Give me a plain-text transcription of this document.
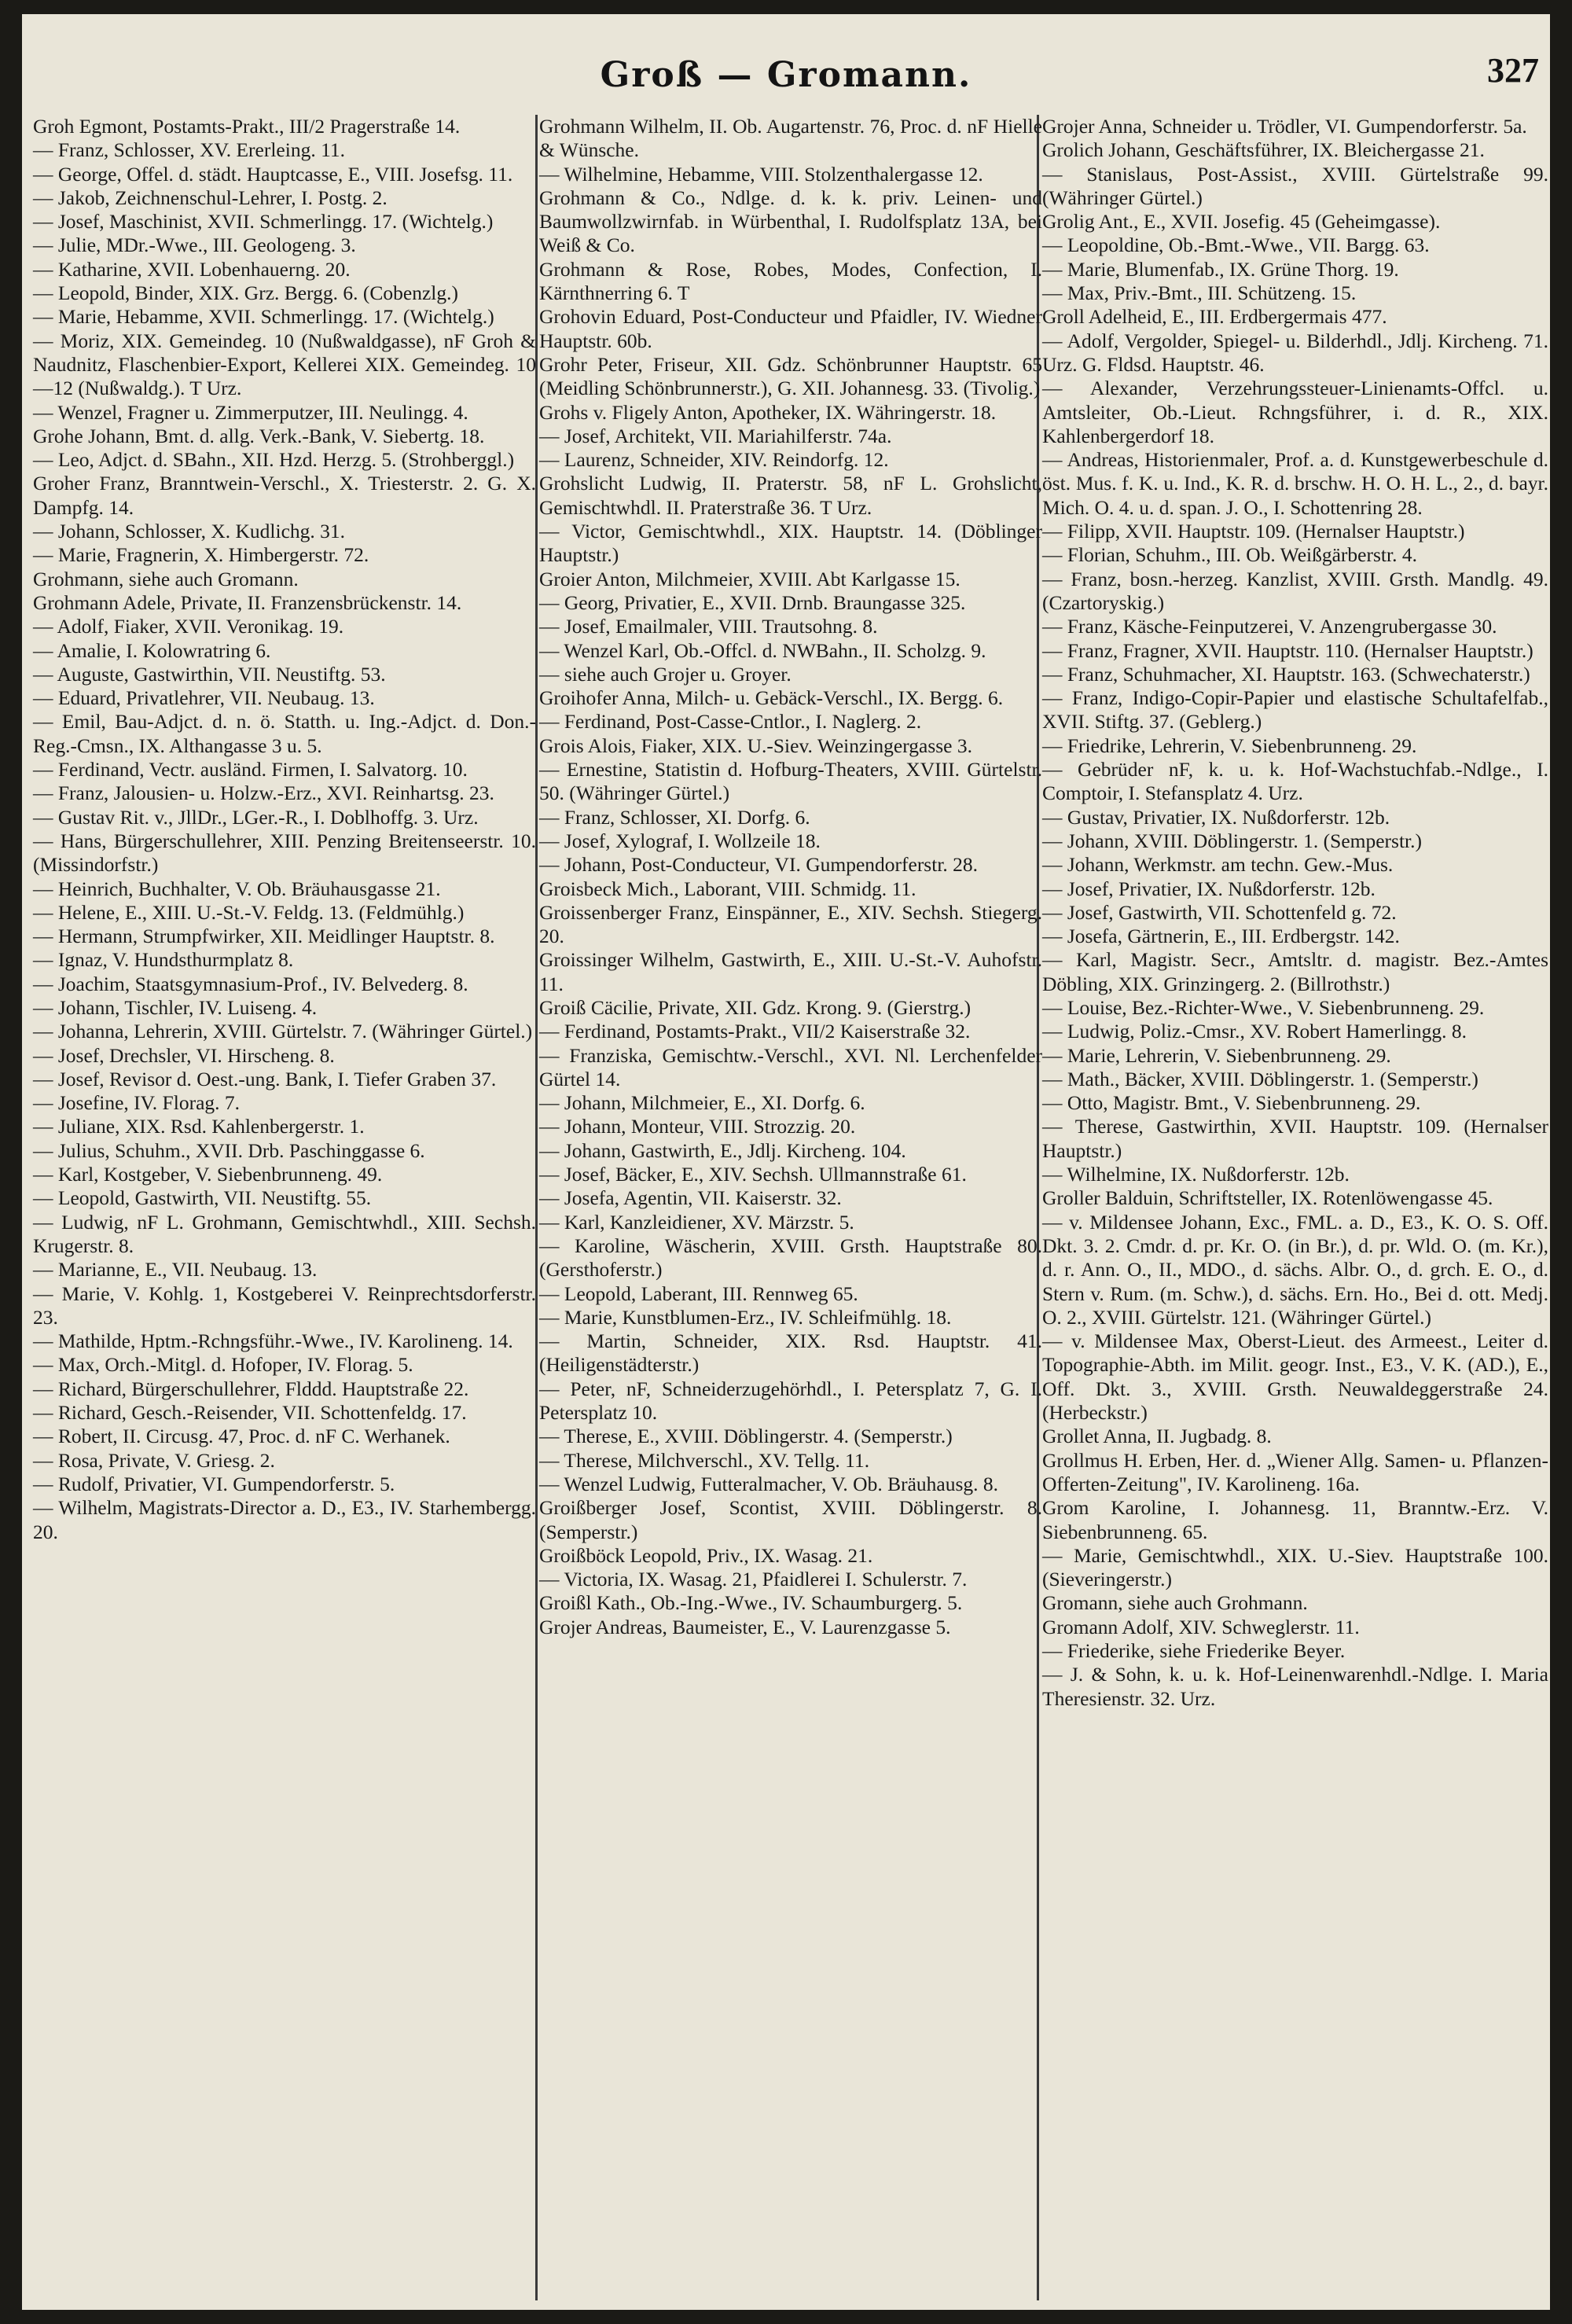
Groß — Gromann.	327

Groh Egmont, Postamts-Prakt., III/2 Pragerstraße 14.

— Franz, Schlosser, XV. Ererleing. 11.

— George, Offel. d. städt. Hauptcasse, E., VIII. Josefsg. 11.

— Jakob, Zeichnenschul-Lehrer, I. Postg. 2.

— Josef, Maschinist, XVII. Schmerlingg. 17. (Wichtelg.)

— Julie, MDr.-Wwe., III. Geologeng. 3.

— Katharine, XVII. Lobenhauerng. 20.

— Leopold, Binder, XIX. Grz. Bergg. 6. (Cobenzlg.)

— Marie, Hebamme, XVII. Schmerlingg. 17. (Wichtelg.)

— Moriz, XIX. Gemeindeg. 10 (Nußwaldgasse), nF Groh & Naudnitz, Flaschenbier-Export, Kellerei XIX. Gemeindeg. 10—12 (Nußwaldg.). T Urz.

— Wenzel, Fragner u. Zimmerputzer, III. Neulingg. 4.

Grohe Johann, Bmt. d. allg. Verk.-Bank, V. Siebertg. 18.

— Leo, Adjct. d. SBahn., XII. Hzd. Herzg. 5. (Strohberggl.)

Groher Franz, Branntwein-Verschl., X. Triesterstr. 2. G. X. Dampfg. 14.

— Johann, Schlosser, X. Kudlichg. 31.

— Marie, Fragnerin, X. Himbergerstr. 72.

Grohmann, siehe auch Gromann.

Grohmann Adele, Private, II. Franzensbrückenstr. 14.

— Adolf, Fiaker, XVII. Veronikag. 19.

— Amalie, I. Kolowratring 6.

— Auguste, Gastwirthin, VII. Neustiftg. 53.

— Eduard, Privatlehrer, VII. Neubaug. 13.

— Emil, Bau-Adjct. d. n. ö. Statth. u. Ing.-Adjct. d. Don.-Reg.-Cmsn., IX. Althangasse 3 u. 5.

— Ferdinand, Vectr. ausländ. Firmen, I. Salvatorg. 10.

— Franz, Jalousien- u. Holzw.-Erz., XVI. Reinhartsg. 23.

— Gustav Rit. v., JllDr., LGer.-R., I. Doblhoffg. 3. Urz.

— Hans, Bürgerschullehrer, XIII. Penzing Breitenseerstr. 10. (Missindorfstr.)

— Heinrich, Buchhalter, V. Ob. Bräuhausgasse 21.

— Helene, E., XIII. U.-St.-V. Feldg. 13. (Feldmühlg.)

— Hermann, Strumpfwirker, XII. Meidlinger Hauptstr. 8.

— Ignaz, V. Hundsthurmplatz 8.

— Joachim, Staatsgymnasium-Prof., IV. Belvederg. 8.

— Johann, Tischler, IV. Luiseng. 4.

— Johanna, Lehrerin, XVIII. Gürtelstr. 7. (Währinger Gürtel.)

— Josef, Drechsler, VI. Hirscheng. 8.

— Josef, Revisor d. Oest.-ung. Bank, I. Tiefer Graben 37.

— Josefine, IV. Florag. 7.

— Juliane, XIX. Rsd. Kahlenbergerstr. 1.

— Julius, Schuhm., XVII. Drb. Paschinggasse 6.

— Karl, Kostgeber, V. Siebenbrunneng. 49.

— Leopold, Gastwirth, VII. Neustiftg. 55.

— Ludwig, nF L. Grohmann, Gemischtwhdl., XIII. Sechsh. Krugerstr. 8.

— Marianne, E., VII. Neubaug. 13.

— Marie, V. Kohlg. 1, Kostgeberei V. Reinprechtsdorferstr. 23.

— Mathilde, Hptm.-Rchngsführ.-Wwe., IV. Karolineng. 14.

— Max, Orch.-Mitgl. d. Hofoper, IV. Florag. 5.

— Richard, Bürgerschullehrer, Flddd. Hauptstraße 22.

— Richard, Gesch.-Reisender, VII. Schottenfeldg. 17.

— Robert, II. Circusg. 47, Proc. d. nF C. Werhanek.

— Rosa, Private, V. Griesg. 2.

— Rudolf, Privatier, VI. Gumpendorferstr. 5.

— Wilhelm, Magistrats-Director a. D., E3., IV. Starhembergg. 20.

Grohmann Wilhelm, II. Ob. Augartenstr. 76, Proc. d. nF Hielle & Wünsche.

— Wilhelmine, Hebamme, VIII. Stolzenthalergasse 12.

Grohmann & Co., Ndlge. d. k. k. priv. Leinen- und Baumwollzwirnfab. in Würbenthal, I. Rudolfsplatz 13A, bei Weiß & Co.

Grohmann & Rose, Robes, Modes, Confection, I. Kärnthnerring 6. T

Grohovin Eduard, Post-Conducteur und Pfaidler, IV. Wiedner Hauptstr. 60b.

Grohr Peter, Friseur, XII. Gdz. Schönbrunner Hauptstr. 65 (Meidling Schönbrunnerstr.), G. XII. Johannesg. 33. (Tivolig.)

Grohs v. Fligely Anton, Apotheker, IX. Währingerstr. 18.

— Josef, Architekt, VII. Mariahilferstr. 74a.

— Laurenz, Schneider, XIV. Reindorfg. 12.

Grohslicht Ludwig, II. Praterstr. 58, nF L. Grohslicht, Gemischtwhdl. II. Praterstraße 36. T Urz.

— Victor, Gemischtwhdl., XIX. Hauptstr. 14. (Döblinger Hauptstr.)

Groier Anton, Milchmeier, XVIII. Abt Karlgasse 15.

— Georg, Privatier, E., XVII. Drnb. Braungasse 325.

— Josef, Emailmaler, VIII. Trautsohng. 8.

— Wenzel Karl, Ob.-Offcl. d. NWBahn., II. Scholzg. 9.

— siehe auch Grojer u. Groyer.

Groihofer Anna, Milch- u. Gebäck-Verschl., IX. Bergg. 6.

— Ferdinand, Post-Casse-Cntlor., I. Naglerg. 2.

Grois Alois, Fiaker, XIX. U.-Siev. Weinzingergasse 3.

— Ernestine, Statistin d. Hofburg-Theaters, XVIII. Gürtelstr. 50. (Währinger Gürtel.)

— Franz, Schlosser, XI. Dorfg. 6.

— Josef, Xylograf, I. Wollzeile 18.

— Johann, Post-Conducteur, VI. Gumpendorferstr. 28.

Groisbeck Mich., Laborant, VIII. Schmidg. 11.

Groissenberger Franz, Einspänner, E., XIV. Sechsh. Stiegerg. 20.

Groissinger Wilhelm, Gastwirth, E., XIII. U.-St.-V. Auhofstr. 11.

Groiß Cäcilie, Private, XII. Gdz. Krong. 9. (Gierstrg.)

— Ferdinand, Postamts-Prakt., VII/2 Kaiserstraße 32.

— Franziska, Gemischtw.-Verschl., XVI. Nl. Lerchenfelder Gürtel 14.

— Johann, Milchmeier, E., XI. Dorfg. 6.

— Johann, Monteur, VIII. Strozzig. 20.

— Johann, Gastwirth, E., Jdlj. Kircheng. 104.

— Josef, Bäcker, E., XIV. Sechsh. Ullmannstraße 61.

— Josefa, Agentin, VII. Kaiserstr. 32.

— Karl, Kanzleidiener, XV. Märzstr. 5.

— Karoline, Wäscherin, XVIII. Grsth. Hauptstraße 80. (Gersthoferstr.)

— Leopold, Laberant, III. Rennweg 65.

— Marie, Kunstblumen-Erz., IV. Schleifmühlg. 18.

— Martin, Schneider, XIX. Rsd. Hauptstr. 41. (Heiligenstädterstr.)

— Peter, nF, Schneiderzugehörhdl., I. Petersplatz 7, G. I. Petersplatz 10.

— Therese, E., XVIII. Döblingerstr. 4. (Semperstr.)

— Therese, Milchverschl., XV. Tellg. 11.

— Wenzel Ludwig, Futteralmacher, V. Ob. Bräuhausg. 8.

Groißberger Josef, Scontist, XVIII. Döblingerstr. 8. (Semperstr.)

Groißböck Leopold, Priv., IX. Wasag. 21.

— Victoria, IX. Wasag. 21, Pfaidlerei I. Schulerstr. 7.

Groißl Kath., Ob.-Ing.-Wwe., IV. Schaumburgerg. 5.

Grojer Andreas, Baumeister, E., V. Laurenzgasse 5.

Grojer Anna, Schneider u. Trödler, VI. Gumpendorferstr. 5a.

Grolich Johann, Geschäftsführer, IX. Bleichergasse 21.

— Stanislaus, Post-Assist., XVIII. Gürtelstraße 99. (Währinger Gürtel.)

Grolig Ant., E., XVII. Josefig. 45 (Geheimgasse).

— Leopoldine, Ob.-Bmt.-Wwe., VII. Bargg. 63.

— Marie, Blumenfab., IX. Grüne Thorg. 19.

— Max, Priv.-Bmt., III. Schützeng. 15.

Groll Adelheid, E., III. Erdbergermais 477.

— Adolf, Vergolder, Spiegel- u. Bilderhdl., Jdlj. Kircheng. 71. Urz. G. Fldsd. Hauptstr. 46.

— Alexander, Verzehrungssteuer-Linienamts-Offcl. u. Amtsleiter, Ob.-Lieut. Rchngsführer, i. d. R., XIX. Kahlenbergerdorf 18.

— Andreas, Historienmaler, Prof. a. d. Kunstgewerbeschule d. öst. Mus. f. K. u. Ind., K. R. d. brschw. H. O. H. L., 2., d. bayr. Mich. O. 4. u. d. span. J. O., I. Schottenring 28.

— Filipp, XVII. Hauptstr. 109. (Hernalser Hauptstr.)

— Florian, Schuhm., III. Ob. Weißgärberstr. 4.

— Franz, bosn.-herzeg. Kanzlist, XVIII. Grsth. Mandlg. 49. (Czartoryskig.)

— Franz, Käsche-Feinputzerei, V. Anzengrubergasse 30.

— Franz, Fragner, XVII. Hauptstr. 110. (Hernalser Hauptstr.)

— Franz, Schuhmacher, XI. Hauptstr. 163. (Schwechaterstr.)

— Franz, Indigo-Copir-Papier und elastische Schultafelfab., XVII. Stiftg. 37. (Geblerg.)

— Friedrike, Lehrerin, V. Siebenbrunneng. 29.

— Gebrüder nF, k. u. k. Hof-Wachstuchfab.-Ndlge., I. Comptoir, I. Stefansplatz 4. Urz.

— Gustav, Privatier, IX. Nußdorferstr. 12b.

— Johann, XVIII. Döblingerstr. 1. (Semperstr.)

— Johann, Werkmstr. am techn. Gew.-Mus.

— Josef, Privatier, IX. Nußdorferstr. 12b.

— Josef, Gastwirth, VII. Schottenfeld g. 72.

— Josefa, Gärtnerin, E., III. Erdbergstr. 142.

— Karl, Magistr. Secr., Amtsltr. d. magistr. Bez.-Amtes Döbling, XIX. Grinzingerg. 2. (Billrothstr.)

— Louise, Bez.-Richter-Wwe., V. Siebenbrunneng. 29.

— Ludwig, Poliz.-Cmsr., XV. Robert Hamerlingg. 8.

— Marie, Lehrerin, V. Siebenbrunneng. 29.

— Math., Bäcker, XVIII. Döblingerstr. 1. (Semperstr.)

— Otto, Magistr. Bmt., V. Siebenbrunneng. 29.

— Therese, Gastwirthin, XVII. Hauptstr. 109. (Hernalser Hauptstr.)

— Wilhelmine, IX. Nußdorferstr. 12b.

Groller Balduin, Schriftsteller, IX. Rotenlöwengasse 45.

— v. Mildensee Johann, Exc., FML. a. D., E3., K. O. S. Off. Dkt. 3. 2. Cmdr. d. pr. Kr. O. (in Br.), d. pr. Wld. O. (m. Kr.), d. r. Ann. O., II., MDO., d. sächs. Albr. O., d. grch. E. O., d. Stern v. Rum. (m. Schw.), d. sächs. Ern. Ho., Bei d. ott. Medj. O. 2., XVIII. Gürtelstr. 121. (Währinger Gürtel.)

— v. Mildensee Max, Oberst-Lieut. des Armeest., Leiter d. Topographie-Abth. im Milit. geogr. Inst., E3., V. K. (AD.), E., Off. Dkt. 3., XVIII. Grsth. Neuwaldeggerstraße 24. (Herbeckstr.)

Grollet Anna, II. Jugbadg. 8.

Grollmus H. Erben, Her. d. „Wiener Allg. Samen- u. Pflanzen-Offerten-Zeitung", IV. Karolineng. 16a.

Grom Karoline, I. Johannesg. 11, Branntw.-Erz. V. Siebenbrunneng. 65.

— Marie, Gemischtwhdl., XIX. U.-Siev. Hauptstraße 100. (Sieveringerstr.)

Gromann, siehe auch Grohmann.

Gromann Adolf, XIV. Schweglerstr. 11.

— Friederike, siehe Friederike Beyer.

— J. & Sohn, k. u. k. Hof-Leinenwarenhdl.-Ndlge. I. Maria Theresienstr. 32. Urz.
